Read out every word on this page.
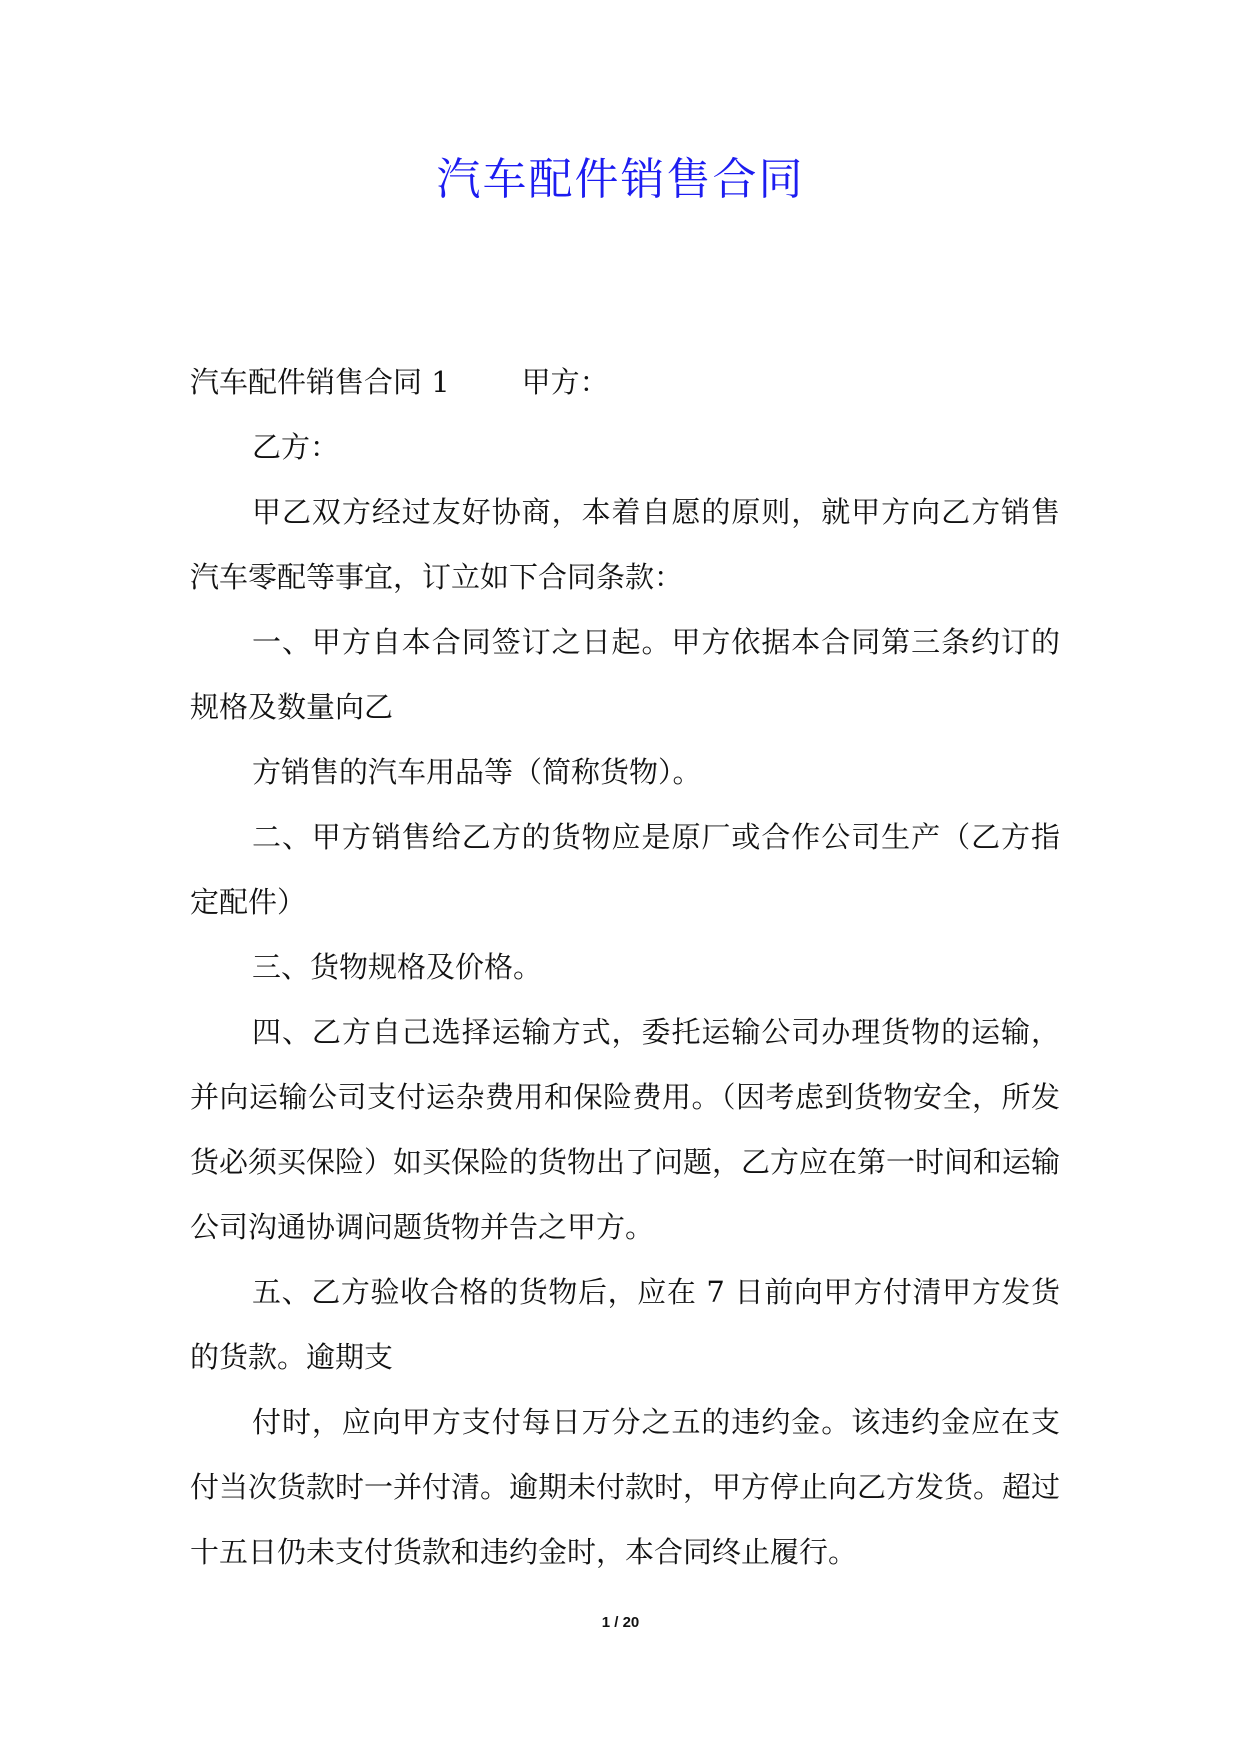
汽车配件销售合同

汽车配件销售合同 1 甲方：

乙方：

甲乙双方经过友好协商，本着自愿的原则，就甲方向乙方销售汽车零配等事宜，订立如下合同条款：

一、甲方自本合同签订之日起。甲方依据本合同第三条约订的规格及数量向乙

方销售的汽车用品等（简称货物）。

二、甲方销售给乙方的货物应是原厂或合作公司生产（乙方指定配件）

三、货物规格及价格。

四、乙方自己选择运输方式，委托运输公司办理货物的运输，并向运输公司支付运杂费用和保险费用。（因考虑到货物安全，所发货必须买保险）如买保险的货物出了问题，乙方应在第一时间和运输公司沟通协调问题货物并告之甲方。

五、乙方验收合格的货物后，应在 7 日前向甲方付清甲方发货的货款。逾期支

付时，应向甲方支付每日万分之五的违约金。该违约金应在支付当次货款时一并付清。逾期未付款时，甲方停止向乙方发货。超过十五日仍未支付货款和违约金时，本合同终止履行。

1 / 20
